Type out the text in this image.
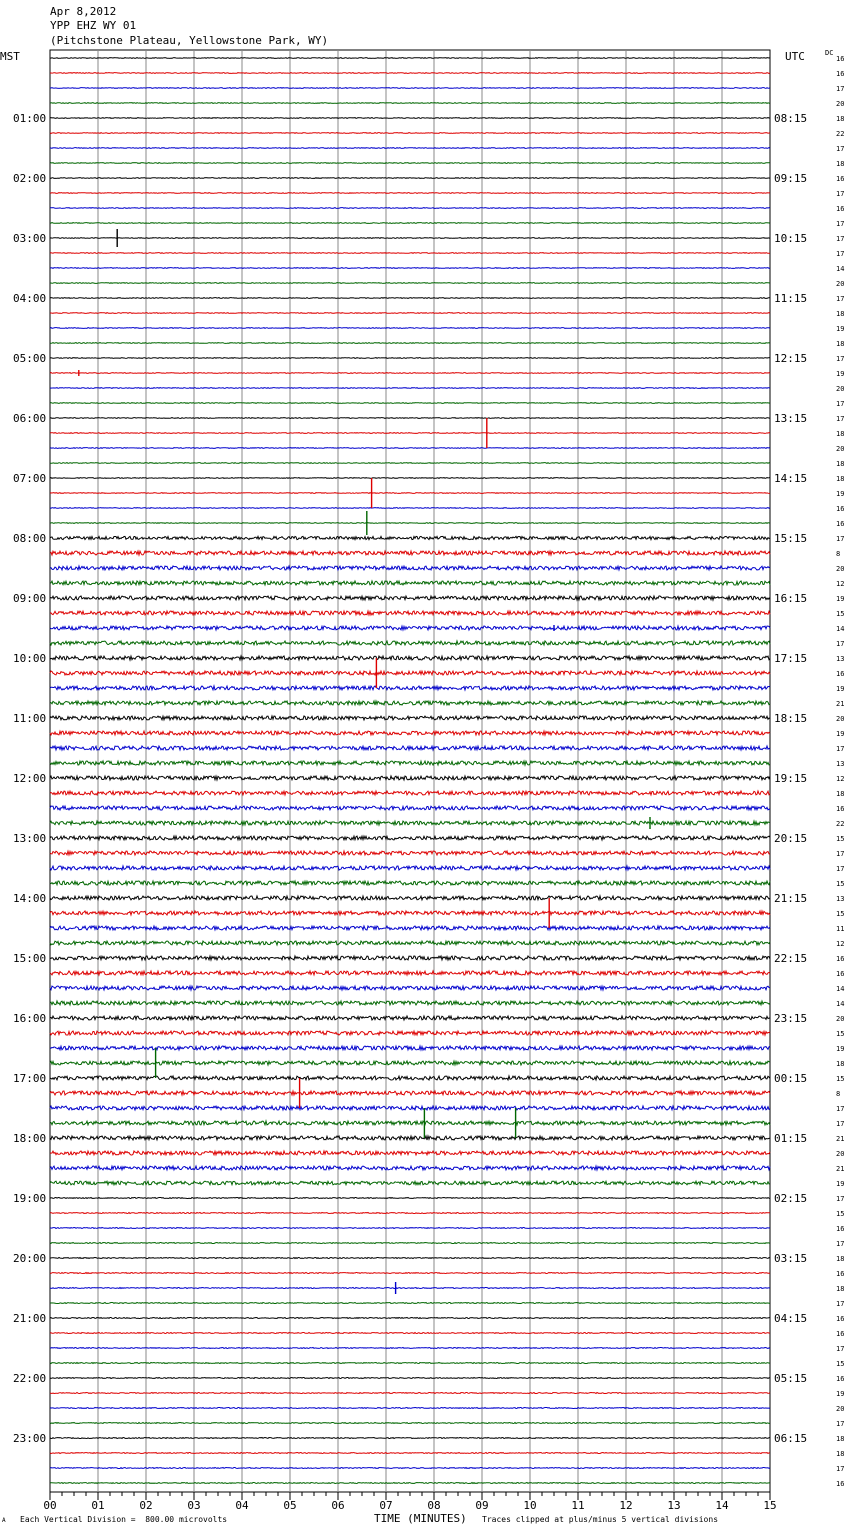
Apr 8,2012
YPP EHZ WY 01
(Pitchstone Plateau, Yellowstone Park, WY)
MST	UTC	DC
00	01	02	03	04	05	06	07	08	09	10	11	12	13	14	15
01:00
02:00
03:00
04:00
05:00
06:00
07:00
08:00
09:00
10:00
11:00
12:00
13:00
14:00
15:00
16:00
17:00
18:00
19:00
20:00
21:00
22:00
23:00
08:15
09:15
10:15
11:15
12:15
13:15
14:15
15:15
16:15
17:15
18:15
19:15
20:15
21:15
22:15
23:15
00:15
01:15
02:15
03:15
04:15
05:15
06:15
16
16
17
20
18
22
17
18
16
17
16
17
17
17
14
20
17
18
19
18
17
19
20
17
17
18
20
18
18
19
16
16
17
8
20
12
19
15
14
17
13
16
19
21
20
19
17
13
12
18
16
22
15
17
17
15
13
15
11
12
16
16
14
14
20
15
19
18
15
8
17
17
21
20
21
19
17
15
16
17
18
16
18
17
16
16
17
15
16
19
20
17
18
18
17
16
A Each Vertical Division =  800.00 microvolts	TIME (MINUTES) Traces clipped at plus/minus 5 vertical divisions
